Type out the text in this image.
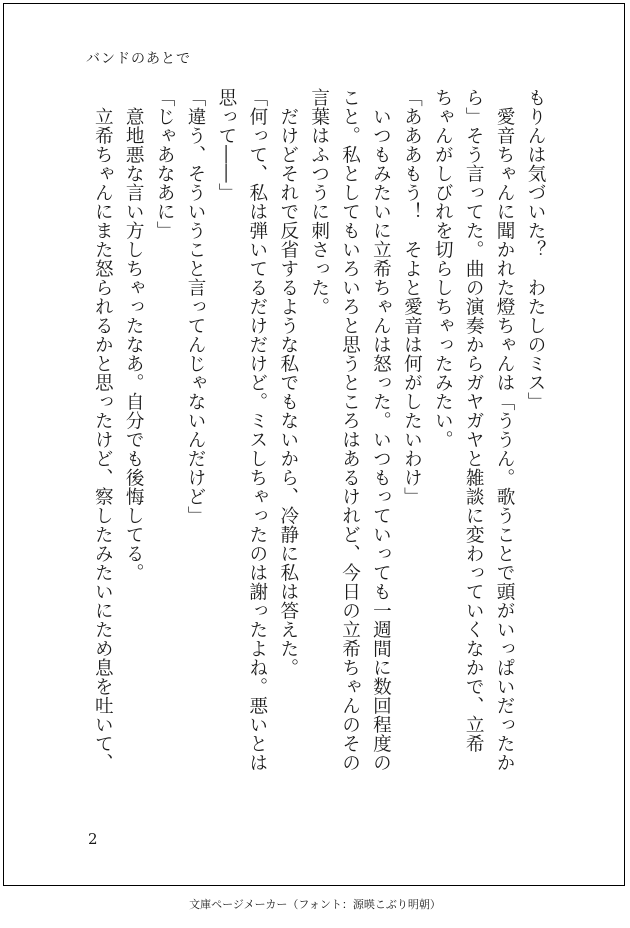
バンドのあとで
もりんは気づいた？　わたしのミス」
　愛音ちゃんに聞かれた燈ちゃんは「ううん。歌うことで頭がいっぱいだったか
ら」そう言ってた。曲の演奏からガヤガヤと雑談に変わっていくなかで、立希
ちゃんがしびれを切らしちゃったみたい。
「あああもう！　そよと愛音は何がしたいわけ」
　いつもみたいに立希ちゃんは怒った。いつもっていっても一週間に数回程度の
こと。私としてもいろいろと思うところはあるけれど、今日の立希ちゃんのその
言葉はふつうに刺さった。
　だけどそれで反省するような私でもないから、冷静に私は答えた。
「何って、私は弾いてるだけだけど。ミスしちゃったのは謝ったよね。悪いとは
思って――」
「違う、そういうこと言ってんじゃないんだけど」
「じゃあなあに」
　意地悪な言い方しちゃったなあ。自分でも後悔してる。
　立希ちゃんにまた怒られるかと思ったけど、察したみたいにため息を吐いて、
2
文庫ページメーカー（フォント：源暎こぶり明朝）
